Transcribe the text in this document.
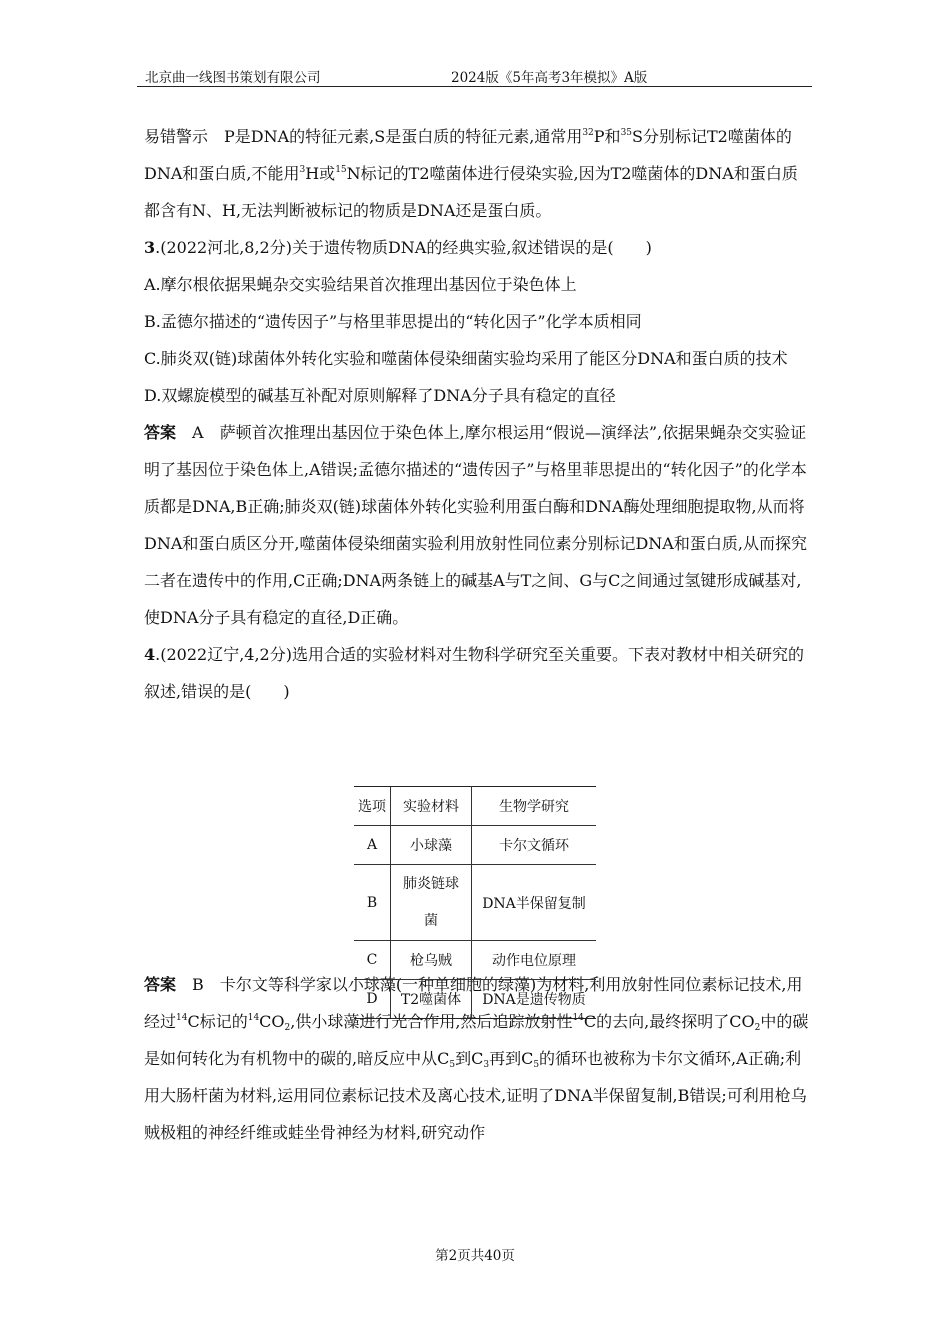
北京曲一线图书策划有限公司	2024版《5年高考3年模拟》A版

易错警示　 P是DNA的特征元素,S是蛋白质的特征元素,通常用$^{32}$P和$^{35}$S分别标记T2噬菌体的DNA和蛋白质,不能用$^3$H或$^{15}$N标记的T2噬菌体进行侵染实验,因为T2噬菌体的DNA和蛋白质都含有N、H,无法判断被标记的物质是DNA还是蛋白质。

3.(2022河北,8,2分)关于遗传物质DNA的经典实验,叙述错误的是(　　)

A.摩尔根依据果蝇杂交实验结果首次推理出基因位于染色体上

B.孟德尔描述的“遗传因子”与格里菲思提出的“转化因子”化学本质相同

C.肺炎双(链)球菌体外转化实验和噬菌体侵染细菌实验均采用了能区分DNA和蛋白质的技术

D.双螺旋模型的碱基互补配对原则解释了DNA分子具有稳定的直径

答案　 A　 萨顿首次推理出基因位于染色体上,摩尔根运用“假说—演绎法”,依据果蝇杂交实验证明了基因位于染色体上,A错误;孟德尔描述的“遗传因子”与格里菲思提出的“转化因子”的化学本质都是DNA,B正确;肺炎双(链)球菌体外转化实验利用蛋白酶和DNA酶处理细胞提取物,从而将DNA和蛋白质区分开,噬菌体侵染细菌实验利用放射性同位素分别标记DNA和蛋白质,从而探究二者在遗传中的作用,C正确;DNA两条链上的碱基A与T之间、G与C之间通过氢键形成碱基对,使DNA分子具有稳定的直径,D正确。

4.(2022辽宁,4,2分)选用合适的实验材料对生物科学研究至关重要。下表对教材中相关研究的叙述,错误的是(　　)

答案　 B　 卡尔文等科学家以小球藻(一种单细胞的绿藻)为材料,利用放射性同位素标记技术,用经过$^{14}$C标记的$^{14}CO_2$,供小球藻进行光合作用,然后追踪放射性$^{14}$C的去向,最终探明了$CO_2$中的碳是如何转化为有机物中的碳的,暗反应中从$C_5$到$C_3$再到$C_5$的循环也被称为卡尔文循环,A正确;利用大肠杆菌为材料,运用同位素标记技术及离心技术,证明了DNA半保留复制,B错误;可利用枪乌贼极粗的神经纤维或蛙坐骨神经为材料,研究动作

选项	实验材料	生物学研究
A	小球藻	卡尔文循环
B	肺炎链球菌	DNA半保留复制
C	枪乌贼	动作电位原理
D	T2噬菌体	DNA是遗传物质
第2页共40页
